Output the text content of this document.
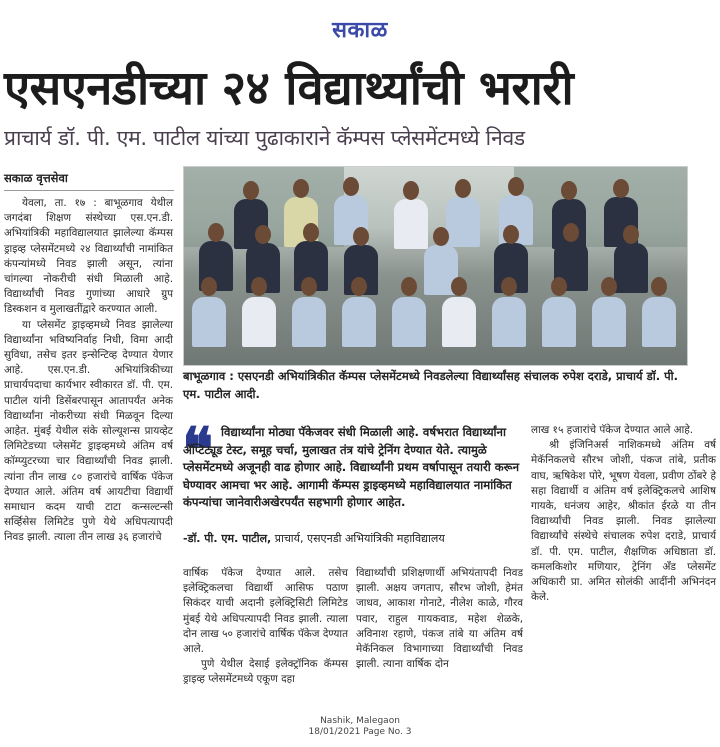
सकाळ
एसएनडीच्या २४ विद्यार्थ्यांची भरारी
प्राचार्य डॉ. पी. एम. पाटील यांच्या पुढाकाराने कॅम्पस प्लेसमेंटमध्ये निवड
सकाळ वृत्तसेवा

येवला, ता. १७ : बाभूळगाव येथील जगदंबा शिक्षण संस्थेच्या एस.एन.डी. अभियांत्रिकी महाविद्यालयात झालेल्या कॅम्पस ड्राइव्ह प्लेसमेंटमध्ये २४ विद्यार्थ्यांची नामांकित कंपन्यांमध्ये निवड झाली असून, त्यांना चांगल्या नोकरीची संधी मिळाली आहे. विद्यार्थ्यांची निवड गुणांच्या आधारे ग्रुप डिस्कशन व मुलाखतींद्वारे करण्यात आली.

या प्लेसमेंट ड्राइव्हमध्ये निवड झालेल्या विद्यार्थ्यांना भविष्यनिर्वाह निधी, विमा आदी सुविधा, तसेच इतर इन्सेन्टिव्ह देण्यात येणार आहे. एस.एन.डी. अभियांत्रिकीच्या प्राचार्यपदाचा कार्यभार स्वीकारत डॉ. पी. एम. पाटील यांनी डिसेंबरपासून आतापर्यंत अनेक विद्यार्थ्यांना नोकरीच्या संधी मिळवून दिल्या आहेत. मुंबई येथील संके सोल्यूशन्स प्रायव्हेट लिमिटेडच्या प्लेसमेंट ड्राइव्हमध्ये अंतिम वर्ष कॉम्प्युटरच्या चार विद्यार्थ्यांची निवड झाली. त्यांना तीन लाख ८० हजारांचे वार्षिक पॅकेज देण्यात आले. अंतिम वर्ष आयटीचा विद्यार्थी समाधान कदम याची टाटा कन्सल्टन्सी सर्व्हिसेस लिमिटेड पुणे येथे अधिपत्यापदी निवड झाली. त्याला तीन लाख ३६ हजारांचे

बाभूळगाव : एसएनडी अभियांत्रिकीत कॅम्पस प्लेसमेंटमध्ये निवडलेल्या विद्यार्थ्यांसह संचालक रुपेश दराडे, प्राचार्य डॉ. पी. एम. पाटील आदी.
❝ विद्यार्थ्यांना मोठ्या पॅकेजवर संधी मिळाली आहे. वर्षभरात विद्यार्थ्यांना ॲप्टिट्यूड टेस्ट, समूह चर्चा, मुलाखत तंत्र यांचे ट्रेनिंग देण्यात येते. त्यामुळे प्लेसमेंटमध्ये अजूनही वाढ होणार आहे. विद्यार्थ्यांनी प्रथम वर्षापासून तयारी करून घेण्यावर आमचा भर आहे. आगामी कॅम्पस ड्राइव्हमध्ये महाविद्यालयात नामांकित कंपन्यांचा जानेवारीअखेरपर्यंत सहभागी होणार आहेत.
-डॉ. पी. एम. पाटील, प्राचार्य, एसएनडी अभियांत्रिकी महाविद्यालय

वार्षिक पॅकेज देण्यात आले. तसेच इलेक्ट्रिकलचा विद्यार्थी आसिफ पठाण सिकंदर याची अदानी इलेक्ट्रिसिटी लिमिटेड मुंबई येथे अधिपत्यापदी निवड झाली. त्याला दोन लाख ५० हजारांचे वार्षिक पॅकेज देण्यात आले.

पुणे येथील देसाई इलेक्ट्रॉनिक कॅम्पस ड्राइव्ह प्लेसमेंटमध्ये एकूण दहा

विद्यार्थ्यांची प्रशिक्षणार्थी अभियंतापदी निवड झाली. अक्षय जगताप, सौरभ जोशी, हेमंत जाधव, आकाश गोनाटे, नीलेश काळे, गौरव पवार, राहुल गायकवाड, महेश शेळके, अविनाश रहाणे, पंकज तांबे या अंतिम वर्ष मेकॅनिकल विभागाच्या विद्यार्थ्यांची निवड झाली. त्याना वार्षिक दोन

लाख १५ हजारांचे पॅकेज देण्यात आले आहे.

श्री इंजिनिअर्स नाशिकमध्ये अंतिम वर्ष मेकॅनिकलचे सौरभ जोशी, पंकज तांबे, प्रतीक वाघ, ऋषिकेश पोरे, भूषण येवला, प्रवीण ठोंबरे हे सहा विद्यार्थी व अंतिम वर्ष इलेक्ट्रिकलचे आशिष गायके, धनंजय आहेर, श्रीकांत ईरळे या तीन विद्यार्थ्यांची निवड झाली. निवड झालेल्या विद्यार्थ्यांचे संस्थेचे संचालक रुपेश दराडे, प्राचार्य डॉ. पी. एम. पाटील, शैक्षणिक अधिष्ठाता डॉ. कमलकिशोर मणियार, ट्रेनिंग अँड प्लेसमेंट अधिकारी प्रा. अमित सोलंकी आदींनी अभिनंदन केले.

Nashik, Malegaon
18/01/2021 Page No. 3
